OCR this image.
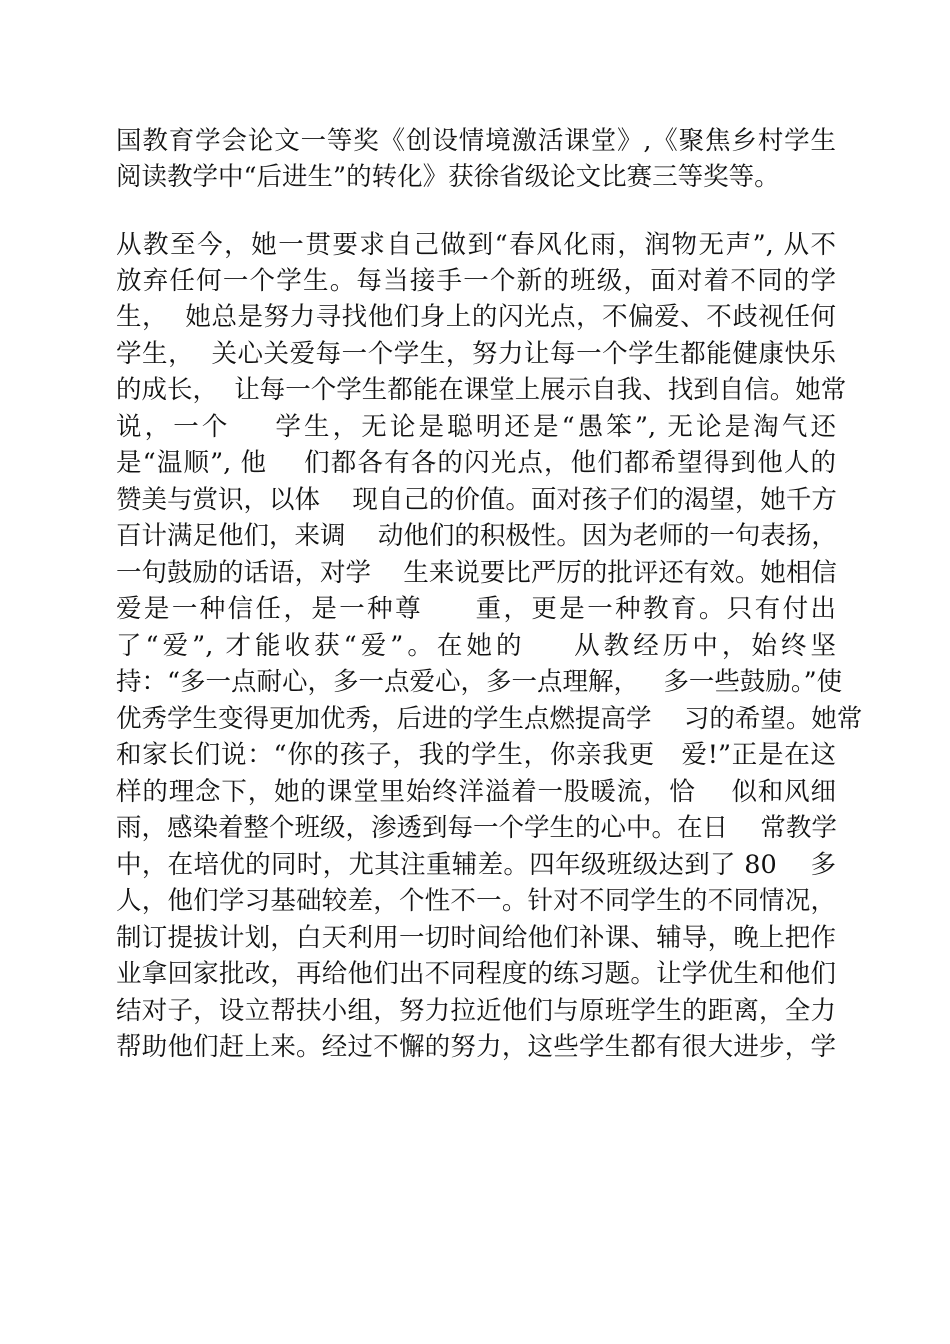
国教育学会论文一等奖《创设情境激活课堂》,《聚焦乡村学生

阅读教学中“后进生”的转化》获徐省级论文比赛三等奖等。

从教至今，她一贯要求自己做到“春风化雨，润物无声”, 从不

放弃任何一个学生。每当接手一个新的班级，面对着不同的学

生，  她总是努力寻找他们身上的闪光点，不偏爱、不歧视任何

学生，  关心关爱每一个学生，努力让每一个学生都能健康快乐

的成长，  让每一个学生都能在课堂上展示自我、找到自信。她常

说，一个    学生，无论是聪明还是“愚笨”, 无论是淘气还

是“温顺”, 他    们都各有各的闪光点，他们都希望得到他人的

赞美与赏识，以体    现自己的价值。面对孩子们的渴望，她千方

百计满足他们，来调    动他们的积极性。因为老师的一句表扬，

一句鼓励的话语，对学    生来说要比严厉的批评还有效。她相信

爱是一种信任，是一种尊     重，更是一种教育。只有付出

了“爱”, 才能收获“爱”。在她的    从教经历中，始终坚

持：“多一点耐心，多一点爱心，多一点理解，   多一些鼓励。”使

优秀学生变得更加优秀，后进的学生点燃提高学    习的希望。她常

和家长们说：“你的孩子，我的学生，你亲我更   爱!”正是在这

样的理念下，她的课堂里始终洋溢着一股暖流，恰    似和风细

雨，感染着整个班级，渗透到每一个学生的心中。在日    常教学

中，在培优的同时，尤其注重辅差。四年级班级达到了 80    多

人，他们学习基础较差，个性不一。针对不同学生的不同情况，

制订提拔计划，白天利用一切时间给他们补课、辅导，晚上把作

业拿回家批改，再给他们出不同程度的练习题。让学优生和他们

结对子，设立帮扶小组，努力拉近他们与原班学生的距离，全力

帮助他们赶上来。经过不懈的努力，这些学生都有很大进步，学
